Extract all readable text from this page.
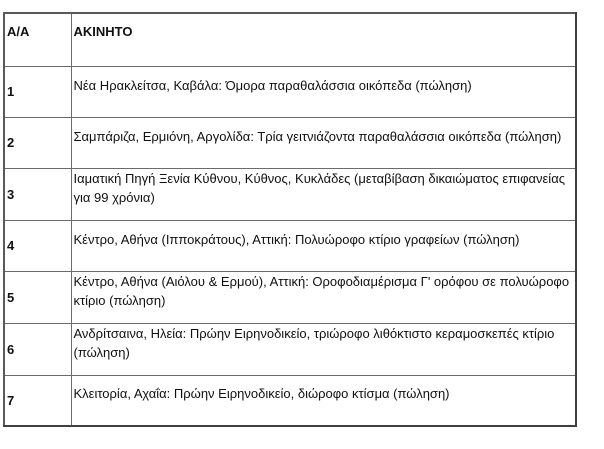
Α/Α	ΑΚΙΝΗΤΟ

1	Νέα Ηρακλείτσα, Καβάλα: Όμορα παραθαλάσσια οικόπεδα (πώληση)

2	Σαμπάριζα, Ερμιόνη, Αργολίδα: Τρία γειτνιάζοντα παραθαλάσσια οικόπεδα (πώληση)

3	Ιαματική Πηγή Ξενία Κύθνου, Κύθνος, Κυκλάδες (μεταβίβαση δικαιώματος επιφανείας για 99 χρόνια)

4	Κέντρο, Αθήνα (Ιπποκράτους), Αττική: Πολυώροφο κτίριο γραφείων (πώληση)

5	Κέντρο, Αθήνα (Αιόλου & Ερμού), Αττική: Οροφοδιαμέρισμα Γ' ορόφου σε πολυώροφο κτίριο (πώληση)

6	Ανδρίτσαινα, Ηλεία: Πρώην Ειρηνοδικείο, τριώροφο λιθόκτιστο κεραμοσκεπές κτίριο (πώληση)

7	Κλειτορία, Αχαΐα: Πρώην Ειρηνοδικείο, διώροφο κτίσμα (πώληση)
